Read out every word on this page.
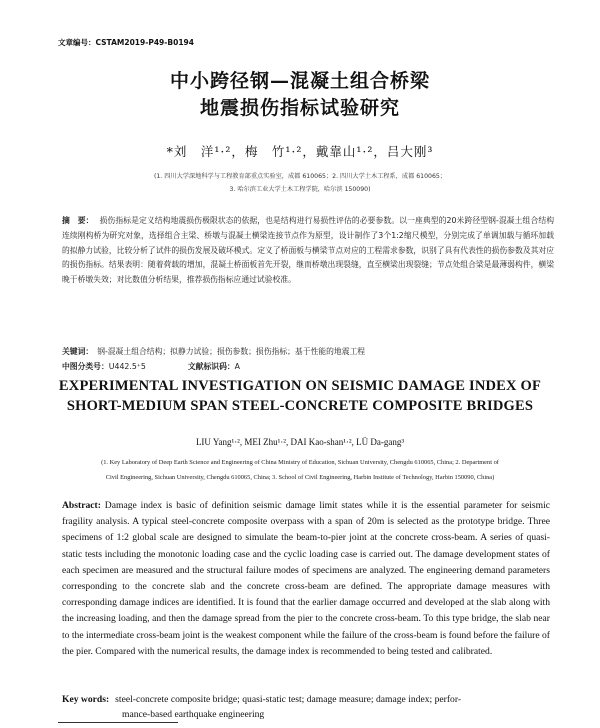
文章编号：CSTAM2019-P49-B0194
中小跨径钢—混凝土组合桥梁
地震损伤指标试验研究
*刘　洋¹·²，梅　竹¹·²，戴靠山¹·²，吕大刚³
(1. 四川大学深地科学与工程教育部重点实验室，成都 610065；2. 四川大学土木工程系，成都 610065；
3. 哈尔滨工业大学土木工程学院，哈尔滨 150090)
摘　要： 损伤指标是定义结构地震损伤极限状态的依据，也是结构进行易损性评估的必要参数。以一座典型的20米跨径型钢-混凝土组合结构连续刚构桥为研究对象，选择组合主梁、桥墩与混凝土横梁连接节点作为原型，设计制作了3个1:2缩尺模型，分别完成了单调加载与循环加载的拟静力试验，比较分析了试件的损伤发展及破坏模式。定义了桥面板与横梁节点对应的工程需求参数，识别了具有代表性的损伤参数及其对应的损伤指标。结果表明：随着荷载的增加，混凝土桥面板首先开裂，继而桥墩出现裂缝，直至横梁出现裂缝；节点处组合梁是最薄弱构件，横梁晚于桥墩失效；对比数值分析结果，推荐损伤指标应通过试验校准。
关键词： 钢-混凝土组合结构；拟静力试验；损伤参数；损伤指标；基于性能的地震工程
中图分类号：U442.5⁺5	文献标识码：A
EXPERIMENTAL INVESTIGATION ON SEISMIC DAMAGE INDEX OF
SHORT-MEDIUM SPAN STEEL-CONCRETE COMPOSITE BRIDGES
LIU Yang¹·², MEI Zhu¹·², DAI Kao-shan¹·², LÜ Da-gang³
(1. Key Laboratory of Deep Earth Science and Engineering of China Ministry of Education, Sichuan University, Chengdu 610065, China; 2. Department of
Civil Engineering, Sichuan University, Chengdu 610065, China; 3. School of Civil Engineering, Harbin Institute of Technology, Harbin 150090, China)
Abstract: Damage index is basic of definition seismic damage limit states while it is the essential parameter for seismic fragility analysis. A typical steel-concrete composite overpass with a span of 20m is selected as the prototype bridge. Three specimens of 1:2 global scale are designed to simulate the beam-to-pier joint at the concrete cross-beam. A series of quasi-static tests including the monotonic loading case and the cyclic loading case is carried out. The damage development states of each specimen are measured and the structural failure modes of specimens are analyzed. The engineering demand parameters corresponding to the concrete slab and the concrete cross-beam are defined. The appropriate damage measures with corresponding damage indices are identified. It is found that the earlier damage occurred and developed at the slab along with the increasing loading, and then the damage spread from the pier to the concrete cross-beam. To this type bridge, the slab near to the intermediate cross-beam joint is the weakest component while the failure of the cross-beam is found before the failure of the pier. Compared with the numerical results, the damage index is recommended to being tested and calibrated.
Key words: steel-concrete composite bridge; quasi-static test; damage measure; damage index; perfor-
mance-based earthquake engineering
